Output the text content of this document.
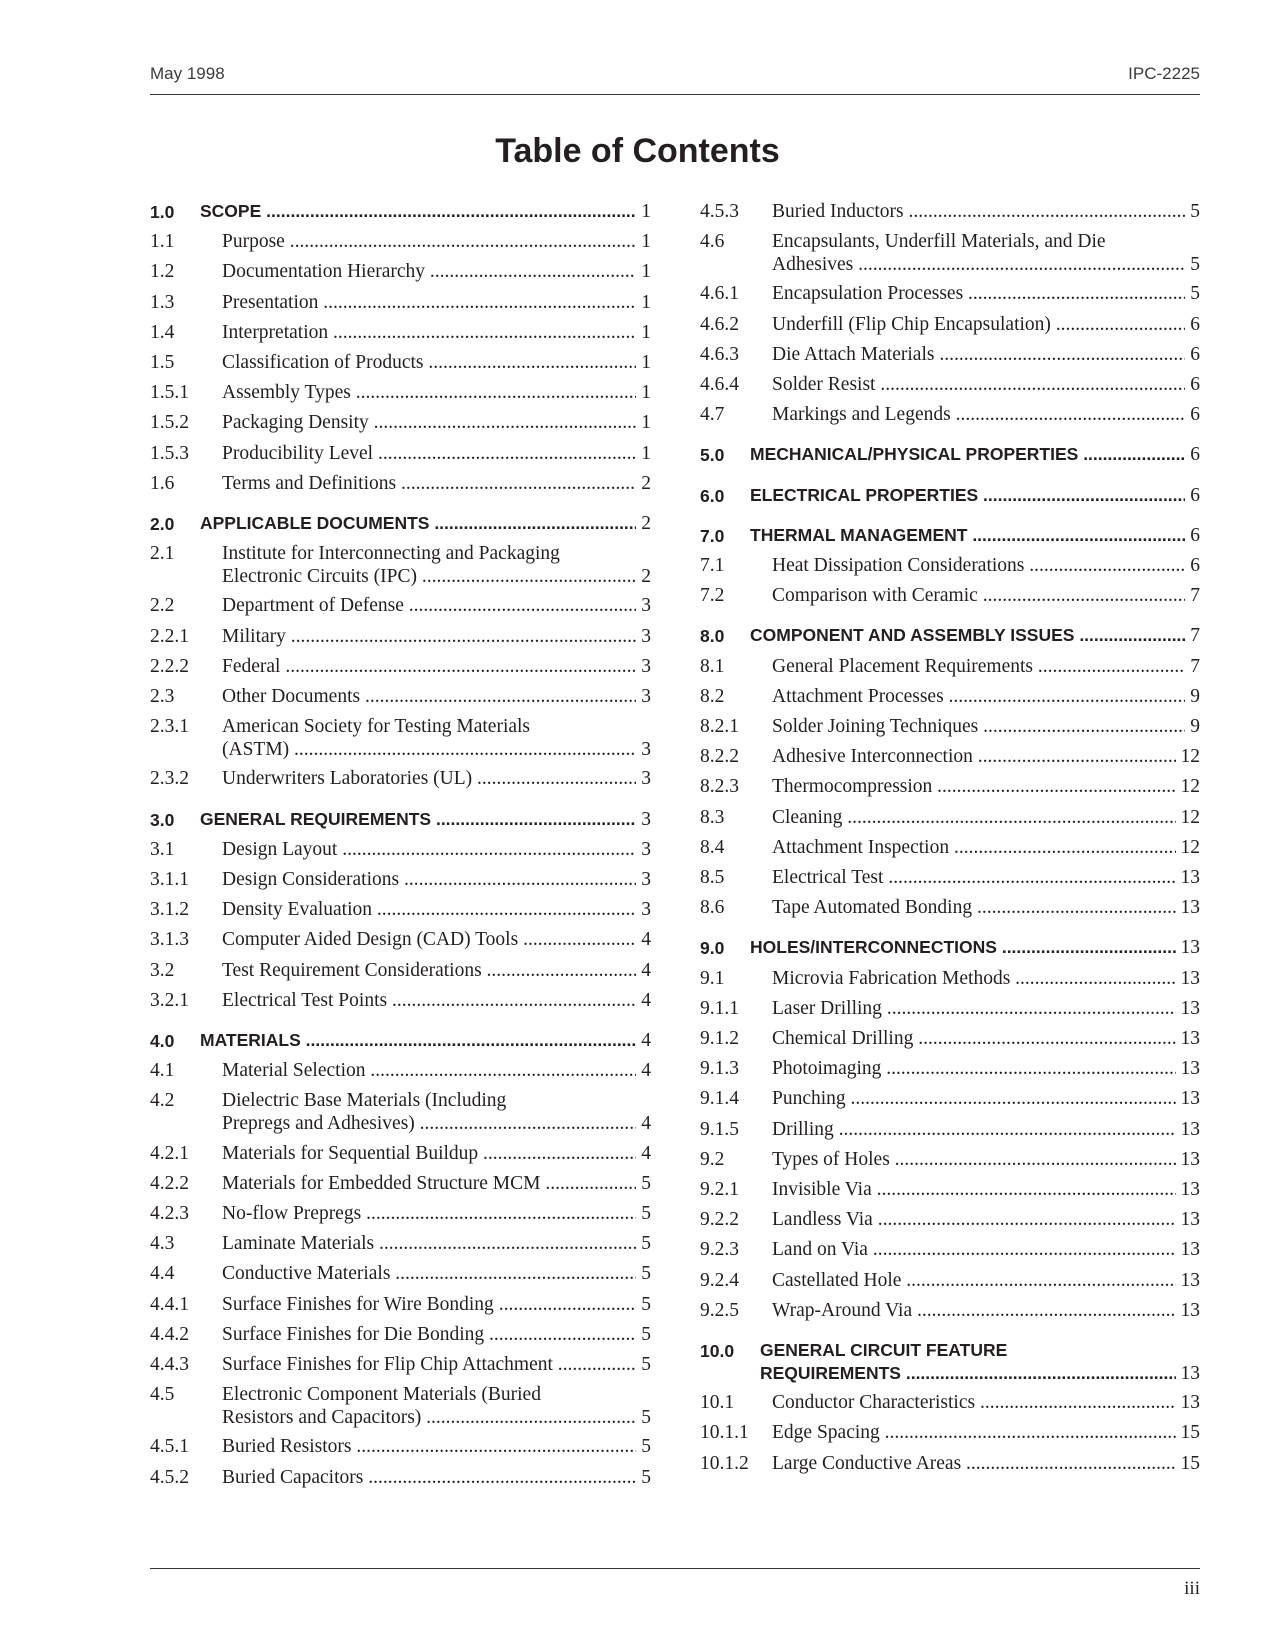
May 1998	IPC-2225
Table of Contents
1.0 SCOPE .....	1
1.1 Purpose .....	1
1.2 Documentation Hierarchy .....	1
1.3 Presentation .....	1
1.4 Interpretation .....	1
1.5 Classification of Products .....	1
1.5.1 Assembly Types .....	1
1.5.2 Packaging Density .....	1
1.5.3 Producibility Level .....	1
1.6 Terms and Definitions .....	2
2.0 APPLICABLE DOCUMENTS .....	2
2.1 Institute for Interconnecting and Packaging
Electronic Circuits (IPC) .....	2
2.2 Department of Defense .....	3
2.2.1 Military .....	3
2.2.2 Federal .....	3
2.3 Other Documents .....	3
2.3.1 American Society for Testing Materials
(ASTM) .....	3
2.3.2 Underwriters Laboratories (UL) .....	3
3.0 GENERAL REQUIREMENTS .....	3
3.1 Design Layout .....	3
3.1.1 Design Considerations .....	3
3.1.2 Density Evaluation .....	3
3.1.3 Computer Aided Design (CAD) Tools .....	4
3.2 Test Requirement Considerations .....	4
3.2.1 Electrical Test Points .....	4
4.0 MATERIALS .....	4
4.1 Material Selection .....	4
4.2 Dielectric Base Materials (Including
Prepregs and Adhesives) .....	4
4.2.1 Materials for Sequential Buildup .....	4
4.2.2 Materials for Embedded Structure MCM .....	5
4.2.3 No-flow Prepregs .....	5
4.3 Laminate Materials .....	5
4.4 Conductive Materials .....	5
4.4.1 Surface Finishes for Wire Bonding .....	5
4.4.2 Surface Finishes for Die Bonding .....	5
4.4.3 Surface Finishes for Flip Chip Attachment .....	5
4.5 Electronic Component Materials (Buried
Resistors and Capacitors) .....	5
4.5.1 Buried Resistors .....	5
4.5.2 Buried Capacitors .....	5
4.5.3 Buried Inductors .....	5
4.6 Encapsulants, Underfill Materials, and Die
Adhesives .....	5
4.6.1 Encapsulation Processes .....	5
4.6.2 Underfill (Flip Chip Encapsulation) .....	6
4.6.3 Die Attach Materials .....	6
4.6.4 Solder Resist .....	6
4.7 Markings and Legends .....	6
5.0 MECHANICAL/PHYSICAL PROPERTIES .....	6
6.0 ELECTRICAL PROPERTIES .....	6
7.0 THERMAL MANAGEMENT .....	6
7.1 Heat Dissipation Considerations .....	6
7.2 Comparison with Ceramic .....	7
8.0 COMPONENT AND ASSEMBLY ISSUES .....	7
8.1 General Placement Requirements .....	7
8.2 Attachment Processes .....	9
8.2.1 Solder Joining Techniques .....	9
8.2.2 Adhesive Interconnection .....	12
8.2.3 Thermocompression .....	12
8.3 Cleaning .....	12
8.4 Attachment Inspection .....	12
8.5 Electrical Test .....	13
8.6 Tape Automated Bonding .....	13
9.0 HOLES/INTERCONNECTIONS .....	13
9.1 Microvia Fabrication Methods .....	13
9.1.1 Laser Drilling .....	13
9.1.2 Chemical Drilling .....	13
9.1.3 Photoimaging .....	13
9.1.4 Punching .....	13
9.1.5 Drilling .....	13
9.2 Types of Holes .....	13
9.2.1 Invisible Via .....	13
9.2.2 Landless Via .....	13
9.2.3 Land on Via .....	13
9.2.4 Castellated Hole .....	13
9.2.5 Wrap-Around Via .....	13
10.0 GENERAL CIRCUIT FEATURE
REQUIREMENTS .....	13
10.1 Conductor Characteristics .....	13
10.1.1 Edge Spacing .....	15
10.1.2 Large Conductive Areas .....	15
iii
